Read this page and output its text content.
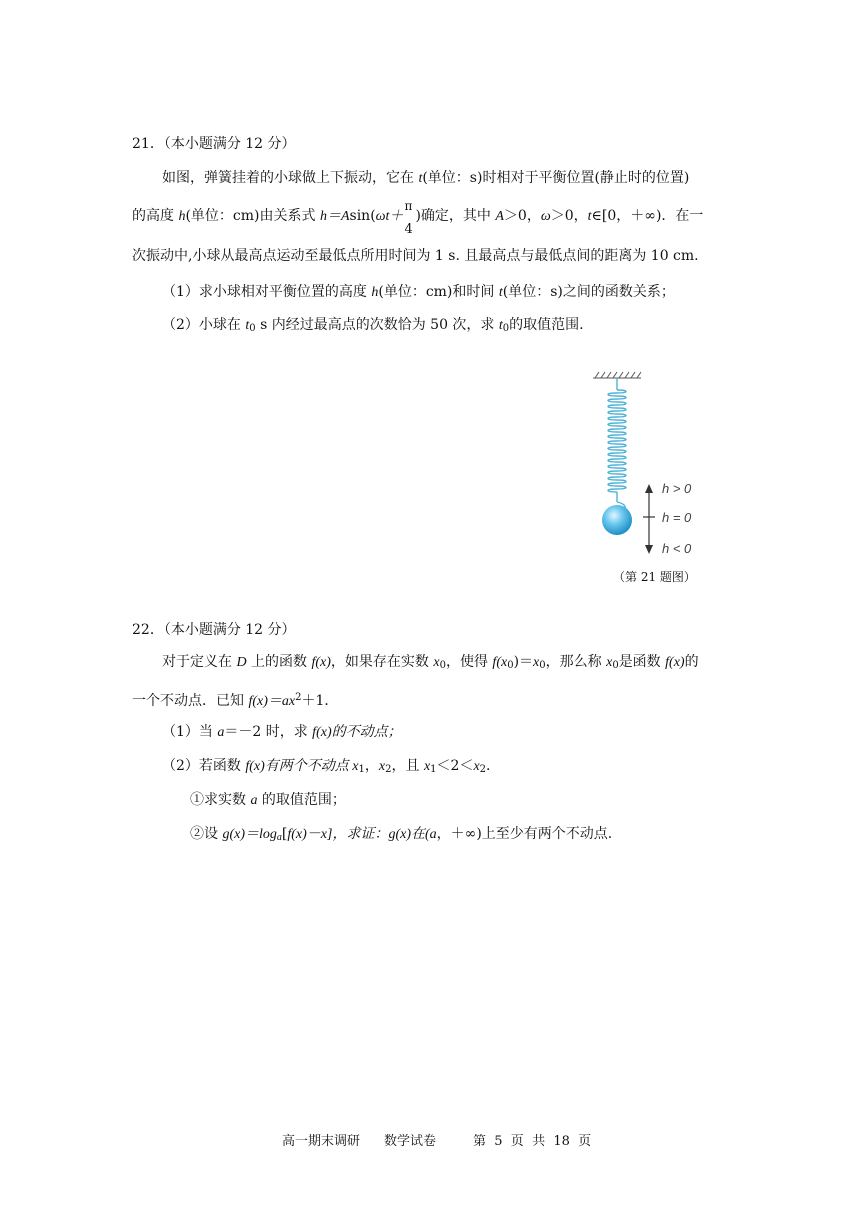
21．（本小题满分 12 分）
如图，弹簧挂着的小球做上下振动，它在 t(单位：s)时相对于平衡位置(静止时的位置)
的高度 h(单位：cm)由关系式 h＝Asin(ωt＋
π
4
)确定，其中 A＞0，ω＞0，t∈[0，＋∞)．在一
次振动中,小球从最高点运动至最低点所用时间为 1 s. 且最高点与最低点间的距离为 10 cm.
（1）求小球相对平衡位置的高度 h(单位：cm)和时间 t(单位：s)之间的函数关系；
（2）小球在 $t_0$ s 内经过最高点的次数恰为 50 次，求 $t_0$的取值范围.
h > 0
h = 0
h < 0
（第 21 题图）
22．（本小题满分 12 分）
对于定义在 D 上的函数 f(x)，如果存在实数 $x_0$，使得 $f(x_0)=x_0$，那么称 $x_0$是函数 f(x)的
一个不动点．已知 $f(x)=ax^2+1$．
（1）当 a＝－2 时，求 f(x)的不动点；
（2）若函数 f(x)有两个不动点 $x_1$，$x_2$，且 $x_1<2<x_2$.
①求实数 a 的取值范围；
②设 $g(x)=\log_a[f(x)-x]$，求证：g(x)在(a，＋∞)上至少有两个不动点.
高一期末调研 数学试卷	第  5  页  共  18  页
